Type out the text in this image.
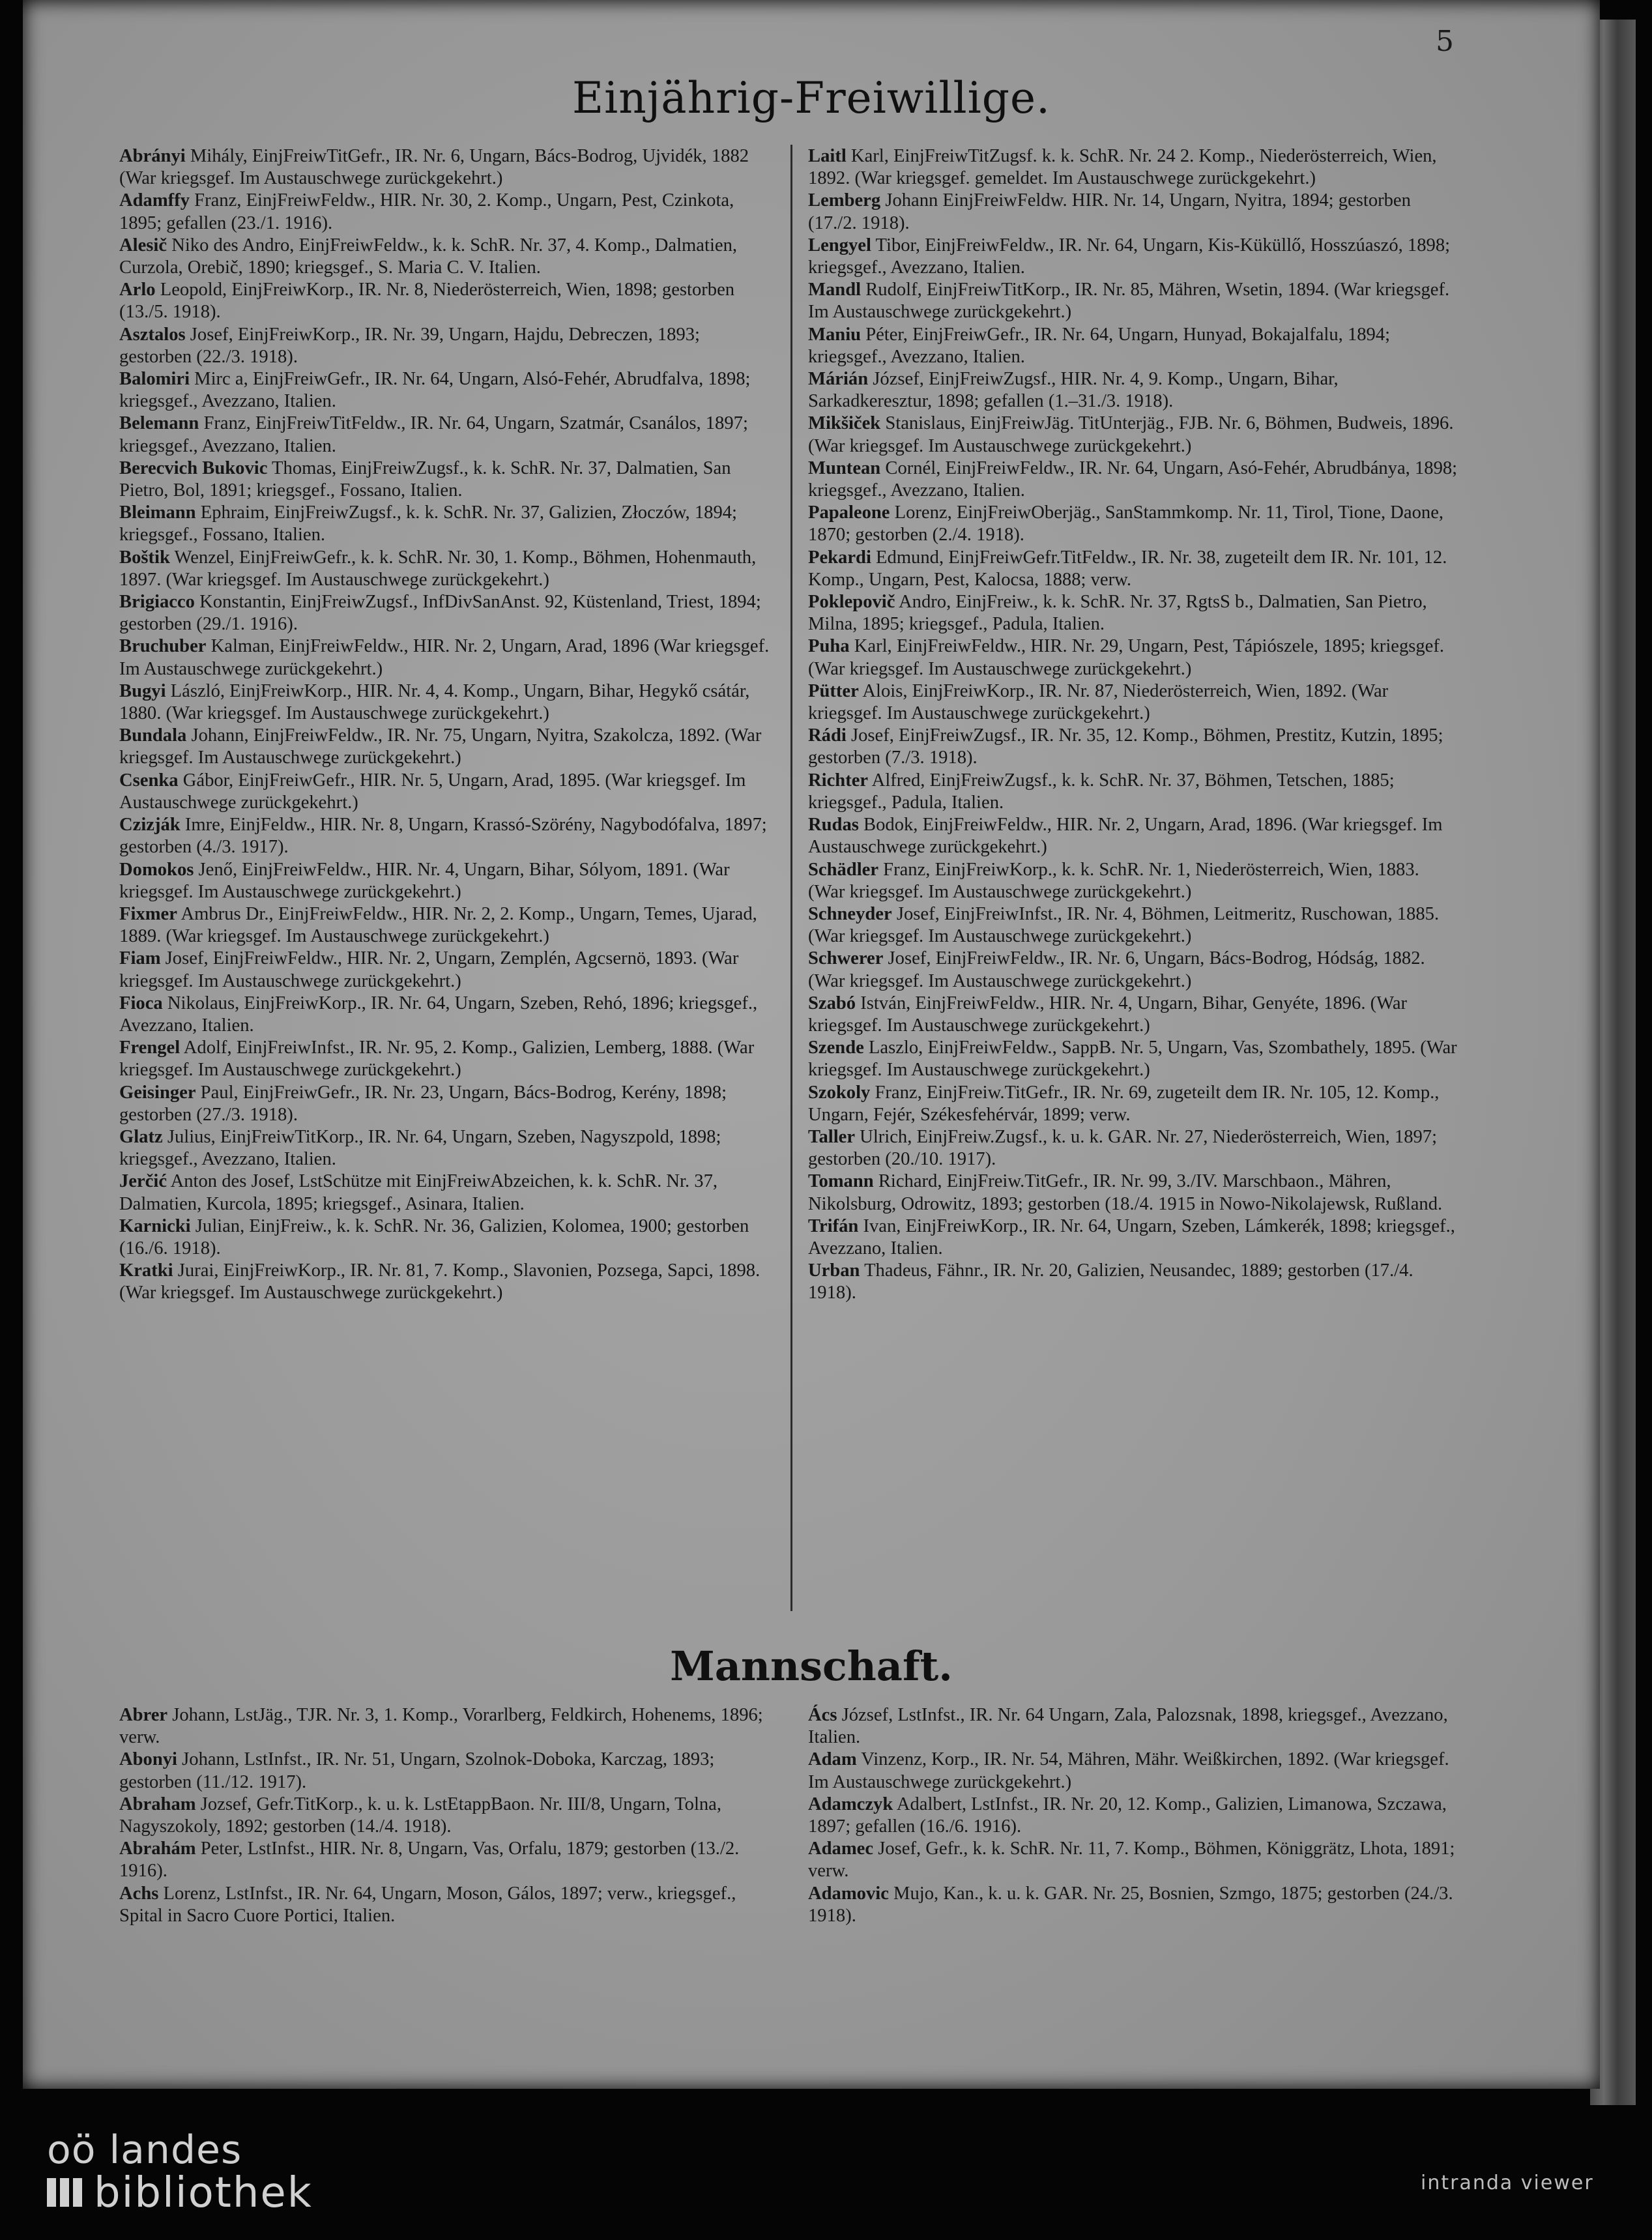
5
Einjährig-Freiwillige.
Mannschaft.

Abrányi Mihály, EinjFreiwTitGefr., IR. Nr. 6, Ungarn, Bács-Bodrog, Ujvidék, 1882 (War kriegsgef. Im Austauschwege zurückgekehrt.)

Adamffy Franz, EinjFreiwFeldw., HIR. Nr. 30, 2. Komp., Ungarn, Pest, Czinkota, 1895; gefallen (23./1. 1916).

Alesič Niko des Andro, EinjFreiwFeldw., k. k. SchR. Nr. 37, 4. Komp., Dalmatien, Curzola, Orebič, 1890; kriegsgef., S. Maria C. V. Italien.

Arlo Leopold, EinjFreiwKorp., IR. Nr. 8, Niederösterreich, Wien, 1898; gestorben (13./5. 1918).

Asztalos Josef, EinjFreiwKorp., IR. Nr. 39, Ungarn, Hajdu, Debreczen, 1893; gestorben (22./3. 1918).

Balomiri Mirc a, EinjFreiwGefr., IR. Nr. 64, Ungarn, Alsó-Fehér, Abrudfalva, 1898; kriegsgef., Avezzano, Italien.

Belemann Franz, EinjFreiwTitFeldw., IR. Nr. 64, Ungarn, Szatmár, Csanálos, 1897; kriegsgef., Avezzano, Italien.

Berecvich Bukovic Thomas, EinjFreiwZugsf., k. k. SchR. Nr. 37, Dalmatien, San Pietro, Bol, 1891; kriegsgef., Fossano, Italien.

Bleimann Ephraim, EinjFreiwZugsf., k. k. SchR. Nr. 37, Galizien, Złoczów, 1894; kriegsgef., Fossano, Italien.

Boštik Wenzel, EinjFreiwGefr., k. k. SchR. Nr. 30, 1. Komp., Böhmen, Hohenmauth, 1897. (War kriegsgef. Im Austauschwege zurückgekehrt.)

Brigiacco Konstantin, EinjFreiwZugsf., InfDivSanAnst. 92, Küstenland, Triest, 1894; gestorben (29./1. 1916).

Bruchuber Kalman, EinjFreiwFeldw., HIR. Nr. 2, Ungarn, Arad, 1896 (War kriegsgef. Im Austauschwege zurückgekehrt.)

Bugyi László, EinjFreiwKorp., HIR. Nr. 4, 4. Komp., Ungarn, Bihar, Hegykő csátár, 1880. (War kriegsgef. Im Austauschwege zurückgekehrt.)

Bundala Johann, EinjFreiwFeldw., IR. Nr. 75, Ungarn, Nyitra, Szakolcza, 1892. (War kriegsgef. Im Austauschwege zurückgekehrt.)

Csenka Gábor, EinjFreiwGefr., HIR. Nr. 5, Ungarn, Arad, 1895. (War kriegsgef. Im Austauschwege zurückgekehrt.)

Czizják Imre, EinjFeldw., HIR. Nr. 8, Ungarn, Krassó-Szörény, Nagybodófalva, 1897; gestorben (4./3. 1917).

Domokos Jenő, EinjFreiwFeldw., HIR. Nr. 4, Ungarn, Bihar, Sólyom, 1891. (War kriegsgef. Im Austauschwege zurückgekehrt.)

Fixmer Ambrus Dr., EinjFreiwFeldw., HIR. Nr. 2, 2. Komp., Ungarn, Temes, Ujarad, 1889. (War kriegsgef. Im Austauschwege zurückgekehrt.)

Fiam Josef, EinjFreiwFeldw., HIR. Nr. 2, Ungarn, Zemplén, Agcsernö, 1893. (War kriegsgef. Im Austauschwege zurückgekehrt.)

Fioca Nikolaus, EinjFreiwKorp., IR. Nr. 64, Ungarn, Szeben, Rehó, 1896; kriegsgef., Avezzano, Italien.

Frengel Adolf, EinjFreiwInfst., IR. Nr. 95, 2. Komp., Galizien, Lemberg, 1888. (War kriegsgef. Im Austauschwege zurückgekehrt.)

Geisinger Paul, EinjFreiwGefr., IR. Nr. 23, Ungarn, Bács-Bodrog, Kerény, 1898; gestorben (27./3. 1918).

Glatz Julius, EinjFreiwTitKorp., IR. Nr. 64, Ungarn, Szeben, Nagyszpold, 1898; kriegsgef., Avezzano, Italien.

Jerčić Anton des Josef, LstSchütze mit EinjFreiwAbzeichen, k. k. SchR. Nr. 37, Dalmatien, Kurcola, 1895; kriegsgef., Asinara, Italien.

Karnicki Julian, EinjFreiw., k. k. SchR. Nr. 36, Galizien, Kolomea, 1900; gestorben (16./6. 1918).

Kratki Jurai, EinjFreiwKorp., IR. Nr. 81, 7. Komp., Slavonien, Pozsega, Sapci, 1898. (War kriegsgef. Im Austauschwege zurückgekehrt.)

Laitl Karl, EinjFreiwTitZugsf. k. k. SchR. Nr. 24 2. Komp., Niederösterreich, Wien, 1892. (War kriegsgef. gemeldet. Im Austauschwege zurückgekehrt.)

Lemberg Johann EinjFreiwFeldw. HIR. Nr. 14, Ungarn, Nyitra, 1894; gestorben (17./2. 1918).

Lengyel Tibor, EinjFreiwFeldw., IR. Nr. 64, Ungarn, Kis-Küküllő, Hosszúaszó, 1898; kriegsgef., Avezzano, Italien.

Mandl Rudolf, EinjFreiwTitKorp., IR. Nr. 85, Mähren, Wsetin, 1894. (War kriegsgef. Im Austauschwege zurückgekehrt.)

Maniu Péter, EinjFreiwGefr., IR. Nr. 64, Ungarn, Hunyad, Bokajalfalu, 1894; kriegsgef., Avezzano, Italien.

Márián József, EinjFreiwZugsf., HIR. Nr. 4, 9. Komp., Ungarn, Bihar, Sarkadkeresztur, 1898; gefallen (1.–31./3. 1918).

Mikšiček Stanislaus, EinjFreiwJäg. TitUnterjäg., FJB. Nr. 6, Böhmen, Budweis, 1896. (War kriegsgef. Im Austauschwege zurückgekehrt.)

Muntean Cornél, EinjFreiwFeldw., IR. Nr. 64, Ungarn, Asó-Fehér, Abrudbánya, 1898; kriegsgef., Avezzano, Italien.

Papaleone Lorenz, EinjFreiwOberjäg., SanStammkomp. Nr. 11, Tirol, Tione, Daone, 1870; gestorben (2./4. 1918).

Pekardi Edmund, EinjFreiwGefr.TitFeldw., IR. Nr. 38, zugeteilt dem IR. Nr. 101, 12. Komp., Ungarn, Pest, Kalocsa, 1888; verw.

Poklepovič Andro, EinjFreiw., k. k. SchR. Nr. 37, RgtsS b., Dalmatien, San Pietro, Milna, 1895; kriegsgef., Padula, Italien.

Puha Karl, EinjFreiwFeldw., HIR. Nr. 29, Ungarn, Pest, Tápiószele, 1895; kriegsgef. (War kriegsgef. Im Austauschwege zurückgekehrt.)

Pütter Alois, EinjFreiwKorp., IR. Nr. 87, Niederösterreich, Wien, 1892. (War kriegsgef. Im Austauschwege zurückgekehrt.)

Rádi Josef, EinjFreiwZugsf., IR. Nr. 35, 12. Komp., Böhmen, Prestitz, Kutzin, 1895; gestorben (7./3. 1918).

Richter Alfred, EinjFreiwZugsf., k. k. SchR. Nr. 37, Böhmen, Tetschen, 1885; kriegsgef., Padula, Italien.

Rudas Bodok, EinjFreiwFeldw., HIR. Nr. 2, Ungarn, Arad, 1896. (War kriegsgef. Im Austauschwege zurückgekehrt.)

Schädler Franz, EinjFreiwKorp., k. k. SchR. Nr. 1, Niederösterreich, Wien, 1883. (War kriegsgef. Im Austauschwege zurückgekehrt.)

Schneyder Josef, EinjFreiwInfst., IR. Nr. 4, Böhmen, Leitmeritz, Ruschowan, 1885. (War kriegsgef. Im Austauschwege zurückgekehrt.)

Schwerer Josef, EinjFreiwFeldw., IR. Nr. 6, Ungarn, Bács-Bodrog, Hódság, 1882. (War kriegsgef. Im Austauschwege zurückgekehrt.)

Szabó István, EinjFreiwFeldw., HIR. Nr. 4, Ungarn, Bihar, Genyéte, 1896. (War kriegsgef. Im Austauschwege zurückgekehrt.)

Szende Laszlo, EinjFreiwFeldw., SappB. Nr. 5, Ungarn, Vas, Szombathely, 1895. (War kriegsgef. Im Austauschwege zurückgekehrt.)

Szokoly Franz, EinjFreiw.TitGefr., IR. Nr. 69, zugeteilt dem IR. Nr. 105, 12. Komp., Ungarn, Fejér, Székesfehérvár, 1899; verw.

Taller Ulrich, EinjFreiw.Zugsf., k. u. k. GAR. Nr. 27, Niederösterreich, Wien, 1897; gestorben (20./10. 1917).

Tomann Richard, EinjFreiw.TitGefr., IR. Nr. 99, 3./IV. Marschbaon., Mähren, Nikolsburg, Odrowitz, 1893; gestorben (18./4. 1915 in Nowo-Nikolajewsk, Rußland.

Trifán Ivan, EinjFreiwKorp., IR. Nr. 64, Ungarn, Szeben, Lámkerék, 1898; kriegsgef., Avezzano, Italien.

Urban Thadeus, Fähnr., IR. Nr. 20, Galizien, Neusandec, 1889; gestorben (17./4. 1918).

Abrer Johann, LstJäg., TJR. Nr. 3, 1. Komp., Vorarlberg, Feldkirch, Hohenems, 1896; verw.

Abonyi Johann, LstInfst., IR. Nr. 51, Ungarn, Szolnok-Doboka, Karczag, 1893; gestorben (11./12. 1917).

Abraham Jozsef, Gefr.TitKorp., k. u. k. LstEtappBaon. Nr. III/8, Ungarn, Tolna, Nagyszokoly, 1892; gestorben (14./4. 1918).

Abrahám Peter, LstInfst., HIR. Nr. 8, Ungarn, Vas, Orfalu, 1879; gestorben (13./2. 1916).

Achs Lorenz, LstInfst., IR. Nr. 64, Ungarn, Moson, Gálos, 1897; verw., kriegsgef., Spital in Sacro Cuore Portici, Italien.

Ács József, LstInfst., IR. Nr. 64 Ungarn, Zala, Palozsnak, 1898, kriegsgef., Avezzano, Italien.

Adam Vinzenz, Korp., IR. Nr. 54, Mähren, Mähr. Weißkirchen, 1892. (War kriegsgef. Im Austauschwege zurückgekehrt.)

Adamczyk Adalbert, LstInfst., IR. Nr. 20, 12. Komp., Galizien, Limanowa, Szczawa, 1897; gefallen (16./6. 1916).

Adamec Josef, Gefr., k. k. SchR. Nr. 11, 7. Komp., Böhmen, Königgrätz, Lhota, 1891; verw.

Adamovic Mujo, Kan., k. u. k. GAR. Nr. 25, Bosnien, Szmgo, 1875; gestorben (24./3. 1918).

oö landes
bibliothek	intranda viewer
